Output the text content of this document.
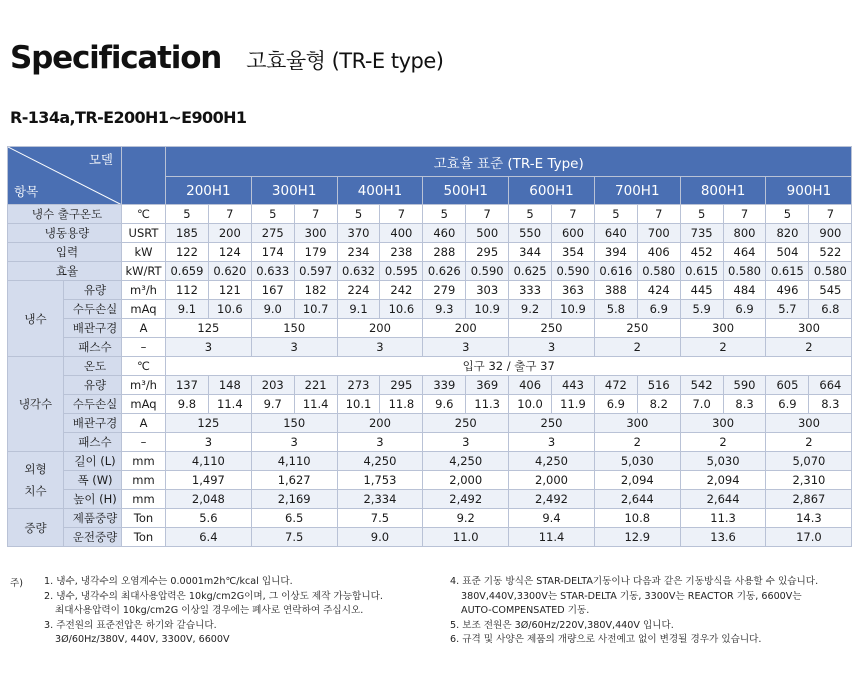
Specification 고효율형 (TR-E type)
R-134a,TR-E200H1~E900H1
모델
항목			고효율 표준 (TR-E Type)															
			200H1		300H1		400H1		500H1		600H1		700H1		800H1		900H1	
냉수 출구온도		℃	5	7	5	7	5	7	5	7	5	7	5	7	5	7	5	7
냉동용량		USRT	185	200	275	300	370	400	460	500	550	600	640	700	735	800	820	900
입력		kW	122	124	174	179	234	238	288	295	344	354	394	406	452	464	504	522
효율		kW/RT	0.659	0.620	0.633	0.597	0.632	0.595	0.626	0.590	0.625	0.590	0.616	0.580	0.615	0.580	0.615	0.580
냉수	유량	m³/h	112	121	167	182	224	242	279	303	333	363	388	424	445	484	496	545
	수두손실	mAq	9.1	10.6	9.0	10.7	9.1	10.6	9.3	10.9	9.2	10.9	5.8	6.9	5.9	6.9	5.7	6.8
	배관구경	A	125		150		200		200		250		250		300		300	
	패스수	–	3		3		3		3		3		2		2		2	
냉각수	온도	℃	입구 32 / 출구 37															
	유량	m³/h	137	148	203	221	273	295	339	369	406	443	472	516	542	590	605	664
	수두손실	mAq	9.8	11.4	9.7	11.4	10.1	11.8	9.6	11.3	10.0	11.9	6.9	8.2	7.0	8.3	6.9	8.3
	배관구경	A	125		150		200		250		250		300		300		300	
	패스수	–	3		3		3		3		3		2		2		2	

외형
치수	길이 (L)	mm	4,110		4,110		4,250		4,250		4,250		5,030		5,030		5,070	
	폭 (W)	mm	1,497		1,627		1,753		2,000		2,000		2,094		2,094		2,310	
	높이 (H)	mm	2,048		2,169		2,334		2,492		2,492		2,644		2,644		2,867	
중량	제품중량	Ton	5.6		6.5		7.5		9.2		9.4		10.8		11.3		14.3	
	운전중량	Ton	6.4		7.5		9.0		11.0		11.4		12.9		13.6		17.0	
주) 1. 냉수, 냉각수의 오염계수는 0.0001m2h℃/kcal 입니다.
2. 냉수, 냉각수의 최대사용압력은 10kg/cm2G이며, 그 이상도 제작 가능합니다.
최대사용압력이 10kg/cm2G 이상일 경우에는 폐사로 연락하여 주십시오.
3. 주전원의 표준전압은 하기와 같습니다.
3Ø/60Hz/380V, 440V, 3300V, 6600V
4. 표준 기동 방식은 STAR-DELTA기동이나 다음과 같은 기동방식을 사용할 수 있습니다.
380V,440V,3300V는 STAR-DELTA 기동, 3300V는 REACTOR 기동, 6600V는
AUTO-COMPENSATED 기동.
5. 보조 전원은 3Ø/60Hz/220V,380V,440V 입니다.
6. 규격 및 사양은 제품의 개량으로 사전예고 없이 변경될 경우가 있습니다.
